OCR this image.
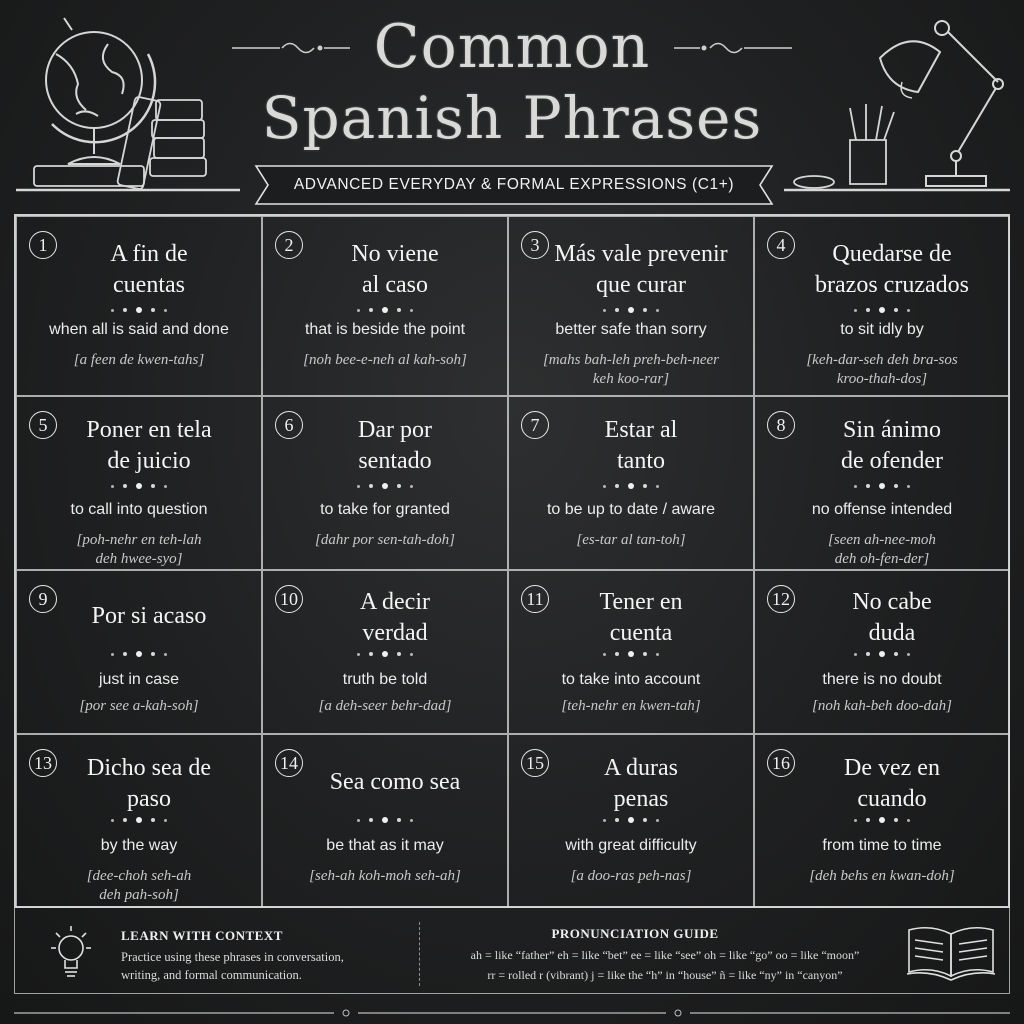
Common
Spanish Phrases
ADVANCED EVERYDAY & FORMAL EXPRESSIONS (C1+)
1	A fin de
cuentas
when all is said and done
[a feen de kwen-tahs]
2	No viene
al caso
that is beside the point
[noh bee-e-neh al kah-soh]
3 Más vale prevenir
que curar
better safe than sorry
[mahs bah-leh preh-beh-neer
keh koo-rar]
4	Quedarse de
brazos cruzados
to sit idly by
[keh-dar-seh deh bra-sos
kroo-thah-dos]
5	Poner en tela
de juicio
to call into question
[poh-nehr en teh-lah
deh hwee-syo]
6	Dar por
sentado
to take for granted
[dahr por sen-tah-doh]
7	Estar al
tanto
to be up to date / aware
[es-tar al tan-toh]
8	Sin ánimo
de ofender
no offense intended
[seen ah-nee-moh
deh oh-fen-der]
9
Por si acaso
just in case
[por see a-kah-soh]
10	A decir
verdad
truth be told
[a deh-seer behr-dad]
11	Tener en
cuenta
to take into account
[teh-nehr en kwen-tah]
12	No cabe
duda
there is no doubt
[noh kah-beh doo-dah]
13	Dicho sea de
paso
by the way
[dee-choh seh-ah
deh pah-soh]
14
Sea como sea
be that as it may
[seh-ah koh-moh seh-ah]
15	A duras
penas
with great difficulty
[a doo-ras peh-nas]
16	De vez en
cuando
from time to time
[deh behs en kwan-doh]
LEARN WITH CONTEXT
Practice using these phrases in conversation,
writing, and formal communication.
PRONUNCIATION GUIDE
ah = like “father” eh = like “bet” ee = like “see” oh = like “go” oo = like “moon”
rr = rolled r (vibrant) j = like the “h” in “house” ñ = like “ny” in “canyon”
